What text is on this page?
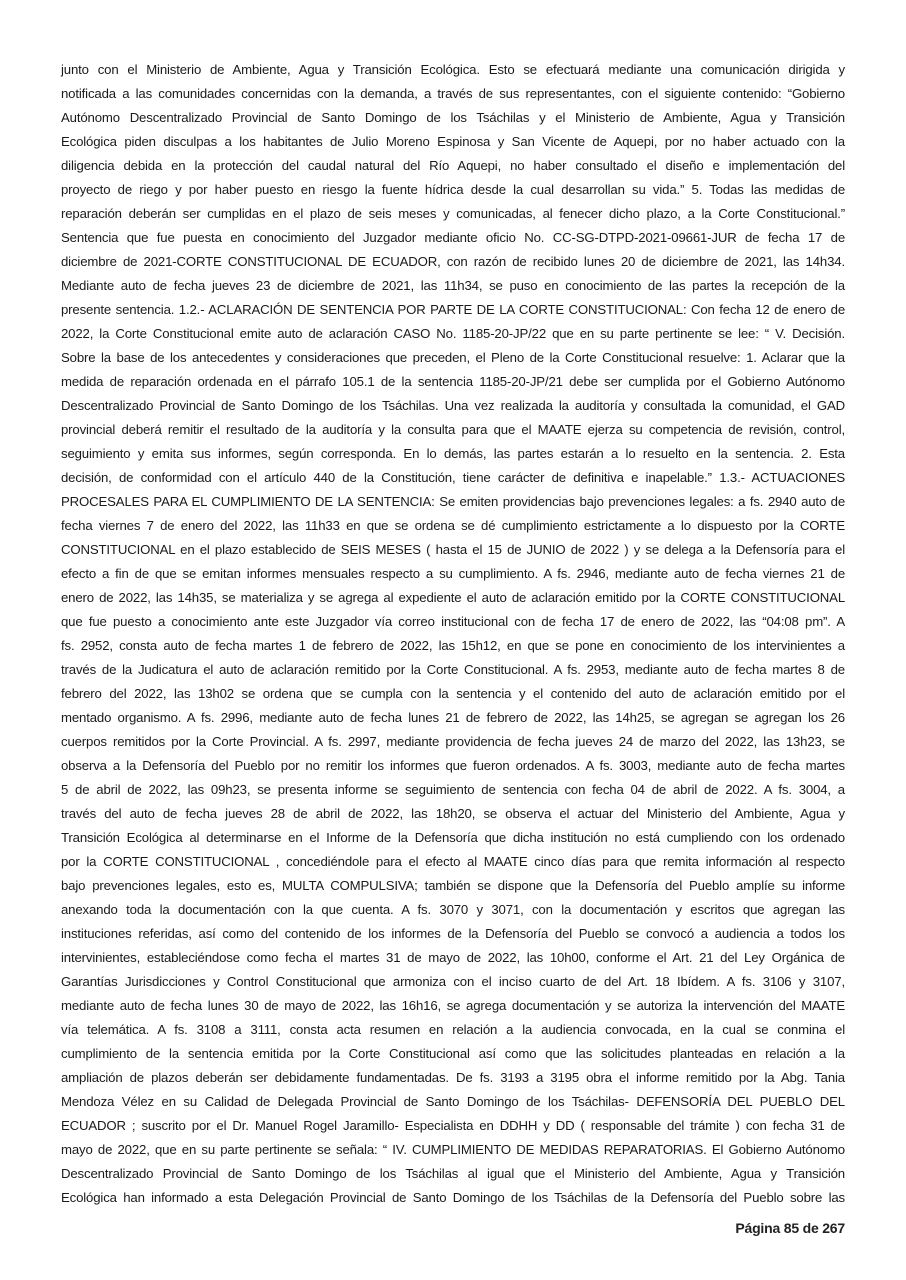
junto con el Ministerio de Ambiente, Agua y Transición Ecológica. Esto se efectuará mediante una comunicación dirigida y
notificada a las comunidades concernidas con la demanda, a través de sus representantes, con el siguiente contenido: “Gobierno
Autónomo Descentralizado Provincial de Santo Domingo de los Tsáchilas y el Ministerio de Ambiente, Agua y Transición
Ecológica piden disculpas a los habitantes de Julio Moreno Espinosa y San Vicente de Aquepi, por no haber actuado con la
diligencia debida en la protección del caudal natural del Río Aquepi, no haber consultado el diseño e implementación del
proyecto de riego y por haber puesto en riesgo la fuente hídrica desde la cual desarrollan su vida.” 5. Todas las medidas de
reparación deberán ser cumplidas en el plazo de seis meses y comunicadas, al fenecer dicho plazo, a la Corte Constitucional.”
Sentencia que fue puesta en conocimiento del Juzgador mediante oficio No. CC-SG-DTPD-2021-09661-JUR de fecha 17 de
diciembre de 2021-CORTE CONSTITUCIONAL DE ECUADOR, con razón de recibido lunes 20 de diciembre de 2021, las 14h34.
Mediante auto de fecha jueves 23 de diciembre de 2021, las 11h34, se puso en conocimiento de las partes la recepción de la
presente sentencia. 1.2.- ACLARACIÓN DE SENTENCIA POR PARTE DE LA CORTE CONSTITUCIONAL: Con fecha 12 de enero de
2022, la Corte Constitucional emite auto de aclaración CASO No. 1185-20-JP/22 que en su parte pertinente se lee: “ V. Decisión.
Sobre la base de los antecedentes y consideraciones que preceden, el Pleno de la Corte Constitucional resuelve: 1. Aclarar que la
medida de reparación ordenada en el párrafo 105.1 de la sentencia 1185-20-JP/21 debe ser cumplida por el Gobierno Autónomo
Descentralizado Provincial de Santo Domingo de los Tsáchilas. Una vez realizada la auditoría y consultada la comunidad, el GAD
provincial deberá remitir el resultado de la auditoría y la consulta para que el MAATE ejerza su competencia de revisión, control,
seguimiento y emita sus informes, según corresponda. En lo demás, las partes estarán a lo resuelto en la sentencia. 2. Esta
decisión, de conformidad con el artículo 440 de la Constitución, tiene carácter de definitiva e inapelable.” 1.3.- ACTUACIONES
PROCESALES PARA EL CUMPLIMIENTO DE LA SENTENCIA: Se emiten providencias bajo prevenciones legales: a fs. 2940 auto de
fecha viernes 7 de enero del 2022, las 11h33 en que se ordena se dé cumplimiento estrictamente a lo dispuesto por la CORTE
CONSTITUCIONAL en el plazo establecido de SEIS MESES ( hasta el 15 de JUNIO de 2022 ) y se delega a la Defensoría para el
efecto a fin de que se emitan informes mensuales respecto a su cumplimiento. A fs. 2946, mediante auto de fecha viernes 21 de
enero de 2022, las 14h35, se materializa y se agrega al expediente el auto de aclaración emitido por la CORTE CONSTITUCIONAL
que fue puesto a conocimiento ante este Juzgador vía correo institucional con de fecha 17 de enero de 2022, las “04:08 pm”. A
fs. 2952, consta auto de fecha martes 1 de febrero de 2022, las 15h12, en que se pone en conocimiento de los intervinientes a
través de la Judicatura el auto de aclaración remitido por la Corte Constitucional. A fs. 2953, mediante auto de fecha martes 8 de
febrero del 2022, las 13h02 se ordena que se cumpla con la sentencia y el contenido del auto de aclaración emitido por el
mentado organismo. A fs. 2996, mediante auto de fecha lunes 21 de febrero de 2022, las 14h25, se agregan se agregan los 26
cuerpos remitidos por la Corte Provincial. A fs. 2997, mediante providencia de fecha jueves 24 de marzo del 2022, las 13h23, se
observa a la Defensoría del Pueblo por no remitir los informes que fueron ordenados. A fs. 3003, mediante auto de fecha martes
5 de abril de 2022, las 09h23, se presenta informe se seguimiento de sentencia con fecha 04 de abril de 2022. A fs. 3004, a
través del auto de fecha jueves 28 de abril de 2022, las 18h20, se observa el actuar del Ministerio del Ambiente, Agua y
Transición Ecológica al determinarse en el Informe de la Defensoría que dicha institución no está cumpliendo con los ordenado
por la CORTE CONSTITUCIONAL , concediéndole para el efecto al MAATE cinco días para que remita información al respecto
bajo prevenciones legales, esto es, MULTA COMPULSIVA; también se dispone que la Defensoría del Pueblo amplíe su informe
anexando toda la documentación con la que cuenta. A fs. 3070 y 3071, con la documentación y escritos que agregan las
instituciones referidas, así como del contenido de los informes de la Defensoría del Pueblo se convocó a audiencia a todos los
intervinientes, estableciéndose como fecha el martes 31 de mayo de 2022, las 10h00, conforme el Art. 21 del Ley Orgánica de
Garantías Jurisdicciones y Control Constitucional que armoniza con el inciso cuarto de del Art. 18 Ibídem. A fs. 3106 y 3107,
mediante auto de fecha lunes 30 de mayo de 2022, las 16h16, se agrega documentación y se autoriza la intervención del MAATE
vía telemática. A fs. 3108 a 3111, consta acta resumen en relación a la audiencia convocada, en la cual se conmina el
cumplimiento de la sentencia emitida por la Corte Constitucional así como que las solicitudes planteadas en relación a la
ampliación de plazos deberán ser debidamente fundamentadas. De fs. 3193 a 3195 obra el informe remitido por la Abg. Tania
Mendoza Vélez en su Calidad de Delegada Provincial de Santo Domingo de los Tsáchilas- DEFENSORÍA DEL PUEBLO DEL
ECUADOR ; suscrito por el Dr. Manuel Rogel Jaramillo- Especialista en DDHH y DD ( responsable del trámite ) con fecha 31 de
mayo de 2022, que en su parte pertinente se señala: “ IV. CUMPLIMIENTO DE MEDIDAS REPARATORIAS. El Gobierno Autónomo
Descentralizado Provincial de Santo Domingo de los Tsáchilas al igual que el Ministerio del Ambiente, Agua y Transición
Ecológica han informado a esta Delegación Provincial de Santo Domingo de los Tsáchilas de la Defensoría del Pueblo sobre las
Página 85 de 267
